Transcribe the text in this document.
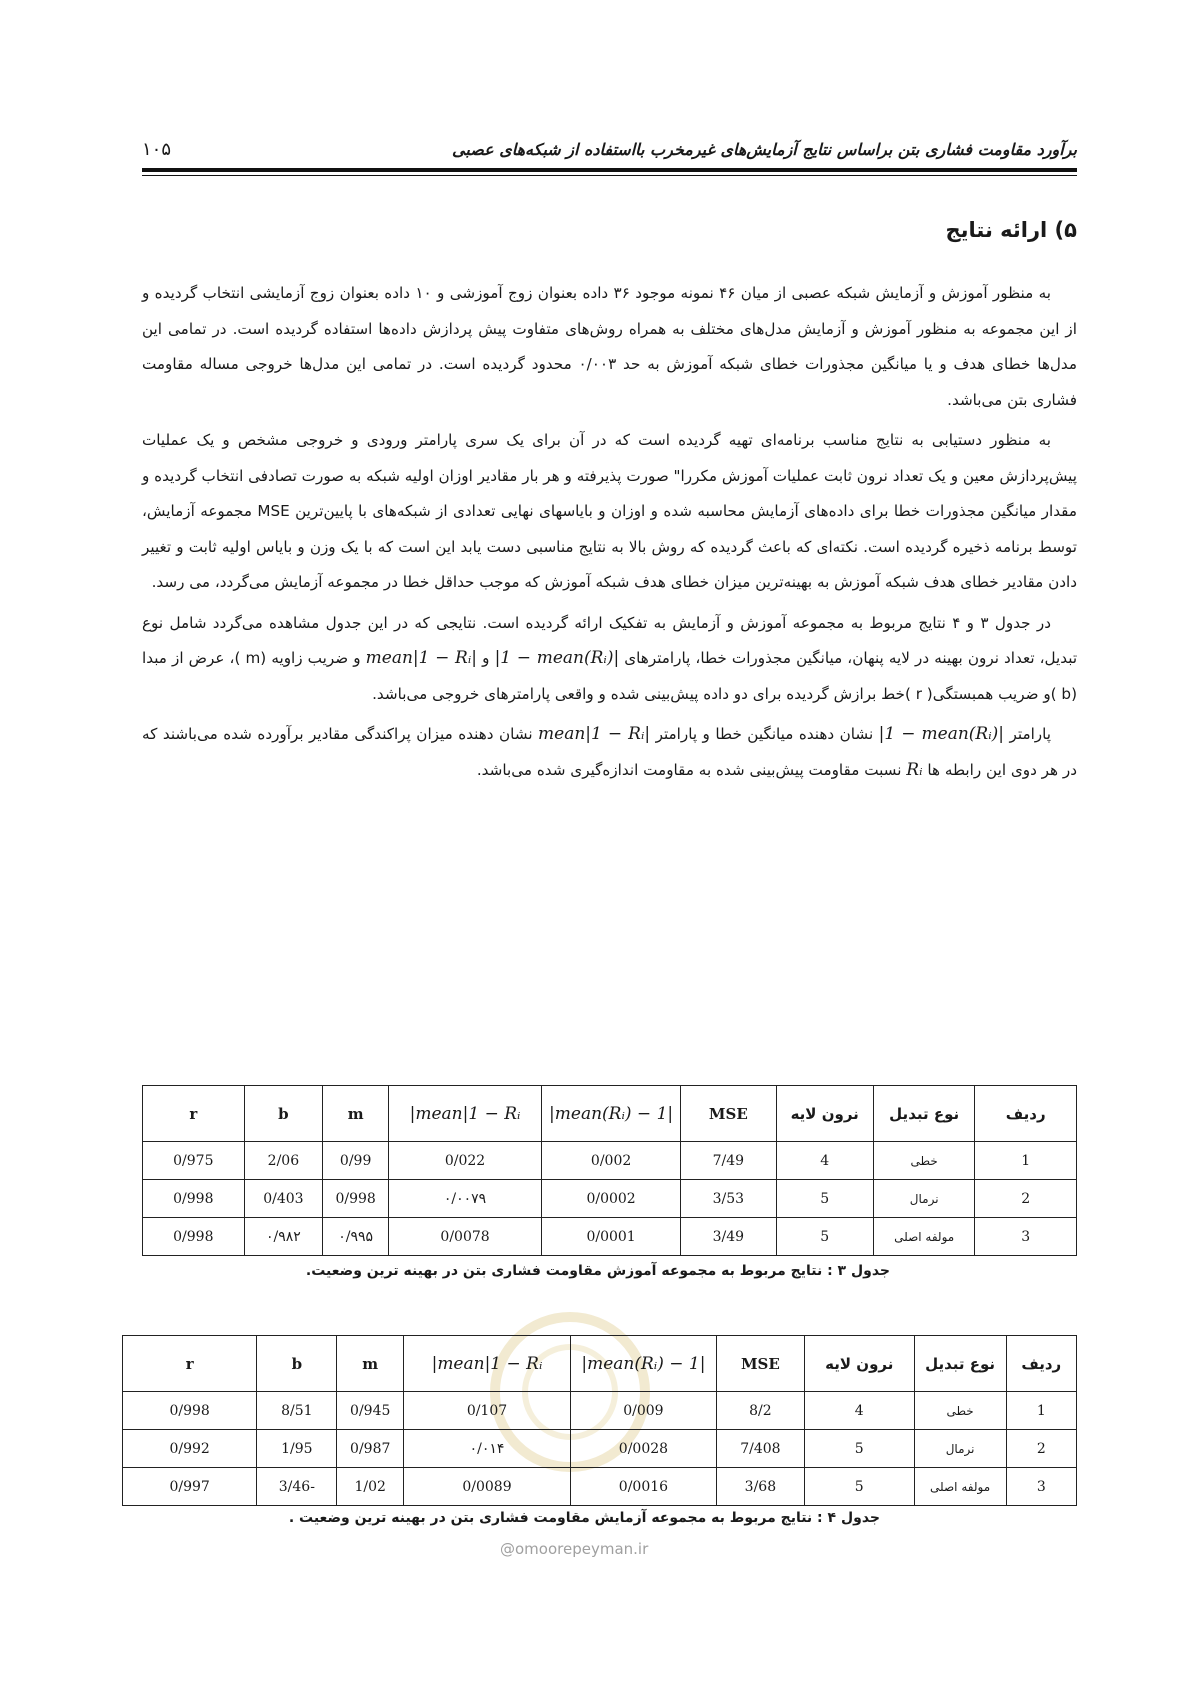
۱۰۵	برآورد مقاومت فشاری بتن براساس نتایج آزمایش‌های غیرمخرب بااستفاده از شبکه‌های عصبی
۵) ارائه نتایج

به منظور آموزش و آزمایش شبکه عصبی از میان ۴۶ نمونه موجود ۳۶ داده بعنوان زوج آموزشی و ۱۰ داده بعنوان زوج آزمایشی انتخاب گردیده و از این مجموعه به منظور آموزش و آزمایش مدل‌های مختلف به همراه روش‌های متفاوت پیش پردازش داده‌ها استفاده گردیده است. در تمامی این مدل‌ها خطای هدف و یا میانگین مجذورات خطای شبکه آموزش به حد ۰/۰۰۳ محدود گردیده است. در تمامی این مدل‌ها خروجی مساله مقاومت فشاری بتن می‌باشد.

به منظور دستیابی به نتایج مناسب برنامه‌ای تهیه گردیده است که در آن برای یک سری پارامتر ورودی و خروجی مشخص و یک عملیات پیش‌پردازش معین و یک تعداد نرون ثابت عملیات آموزش مکررا" صورت پذیرفته و هر بار مقادیر اوزان اولیه شبکه به صورت تصادفی انتخاب گردیده و مقدار میانگین مجذورات خطا برای داده‌های آزمایش محاسبه شده و اوزان و بایاسهای نهایی تعدادی از شبکه‌های با پایین‌ترین MSE مجموعه آزمایش، توسط برنامه ذخیره گردیده است. نکته‌ای که باعث گردیده که روش بالا به نتایج مناسبی دست یابد این است که با یک وزن و بایاس اولیه ثابت و تغییر دادن مقادیر خطای هدف شبکه آموزش به بهینه‌ترین میزان خطای هدف شبکه آموزش که موجب حداقل خطا در مجموعه آزمایش می‌گردد، می رسد.

در جدول ۳ و ۴ نتایج مربوط به مجموعه آموزش و آزمایش به تفکیک ارائه گردیده است. نتایجی که در این جدول مشاهده می‌گردد شامل نوع تبدیل، تعداد نرون بهینه در لایه پنهان، میانگین مجذورات خطا، پارامترهای |1 − mean(Rᵢ)| و mean|1 − Rᵢ| و ضریب زاویه (m )، عرض از مبدا (b )و ضریب همبستگی( r )خط برازش گردیده برای دو داده پیش‌بینی شده و واقعی پارامترهای خروجی می‌باشد.

پارامتر |1 − mean(Rᵢ)| نشان دهنده میانگین خطا و پارامتر mean|1 − Rᵢ| نشان دهنده میزان پراکندگی مقادیر برآورده شده می‌باشند که در هر دوی این رابطه ها Rᵢ نسبت مقاومت پیش‌بینی شده به مقاومت اندازه‌گیری شده می‌باشد.

ردیف	نوع تبدیل	نرون لایه	MSE	|1 − mean(Rᵢ)|	mean|1 − Rᵢ|	m	b	r
1	خطی	4	7/49	0/002	0/022	0/99	2/06	0/975
2	نرمال	5	3/53	0/0002	۰/۰۰۷۹	0/998	0/403	0/998
3	مولفه اصلی	5	3/49	0/0001	0/0078	۰/۹۹۵	۰/۹۸۲	0/998
جدول ۳ : نتایج مربوط به مجموعه آموزش مقاومت فشاری بتن در بهینه ترین وضعیت.
ردیف	نوع تبدیل	نرون لایه	MSE	|1 − mean(Rᵢ)|	mean|1 − Rᵢ|	m	b	r
1	خطی	4	8/2	0/009	0/107	0/945	8/51	0/998
2	نرمال	5	7/408	0/0028	۰/۰۱۴	0/987	1/95	0/992
3	مولفه اصلی	5	3/68	0/0016	0/0089	1/02	-3/46	0/997
جدول ۴ : نتایج مربوط به مجموعه آزمایش مقاومت فشاری بتن در بهینه ترین وضعیت .
@omoorepeyman.ir
